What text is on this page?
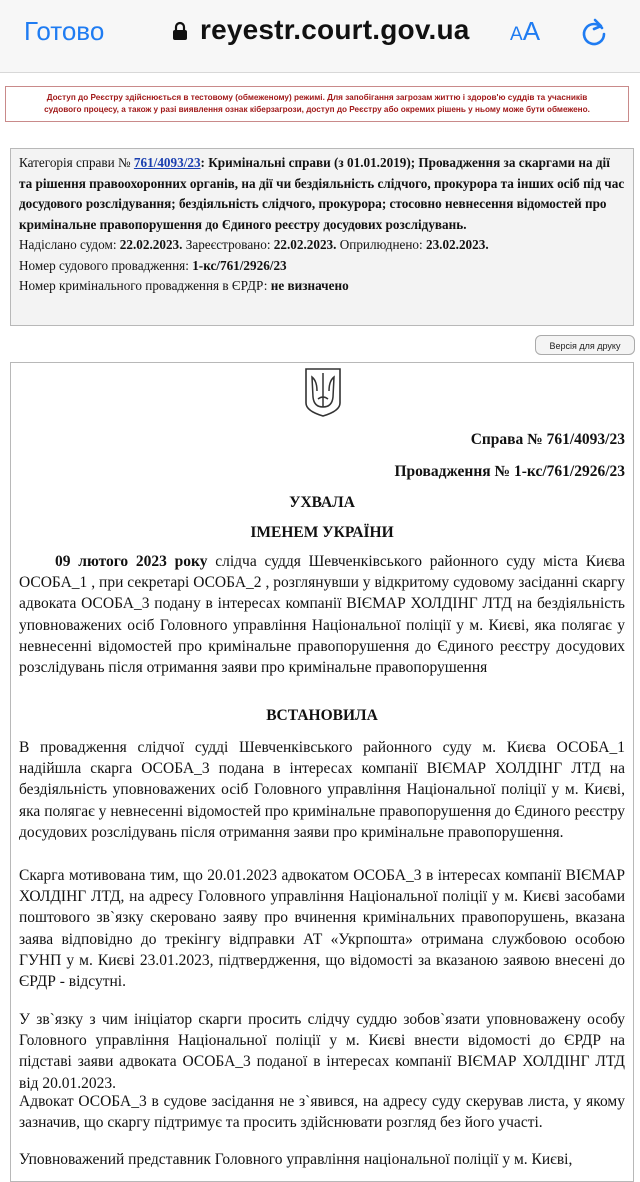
Готово	reyestr.court.gov.ua AA
Доступ до Реєстру здійснюється в тестовому (обмеженому) режимі. Для запобігання загрозам життю і здоров'ю суддів та учасників
судового процесу, а також у разі виявлення ознак кіберзагрози, доступ до Реєстру або окремих рішень у ньому може бути обмежено.

Категорія справи № 761/4093/23: Кримінальні справи (з 01.01.2019); Провадження за скаргами на дії та рішення правоохоронних органів, на дії чи бездіяльність слідчого, прокурора та інших осіб під час досудового розслідування; бездіяльність слідчого, прокурора; стосовно невнесення відомостей про кримінальне правопорушення до Єдиного реєстру досудових розслідувань.

Надіслано судом: 22.02.2023. Зареєстровано: 22.02.2023. Оприлюднено: 23.02.2023.

Номер судового провадження: 1-кс/761/2926/23

Номер кримінального провадження в ЄРДР: не визначено

Версія для друку
Справа № 761/4093/23
Провадження № 1-кс/761/2926/23
УХВАЛА
ІМЕНЕМ УКРАЇНИ

09 лютого 2023 року слідча суддя Шевченківського районного суду міста Києва ОСОБА_1 , при секретарі ОСОБА_2 , розглянувши у відкритому судовому засіданні скаргу адвоката ОСОБА_3 подану в інтересах компанії ВІЄМАР ХОЛДІНГ ЛТД на бездіяльність уповноважених осіб Головного управління Національної поліції у м. Києві, яка полягає у невнесенні відомостей про кримінальне правопорушення до Єдиного реєстру досудових розслідувань після отримання заяви про кримінальне правопорушення

ВСТАНОВИЛА

В провадження слідчої судді Шевченківського районного суду м. Києва ОСОБА_1 надійшла скарга ОСОБА_3 подана в інтересах компанії ВІЄМАР ХОЛДІНГ ЛТД на бездіяльність уповноважених осіб Головного управління Національної поліції у м. Києві, яка полягає у невнесенні відомостей про кримінальне правопорушення до Єдиного реєстру досудових розслідувань після отримання заяви про кримінальне правопорушення.

Скарга мотивована тим, що 20.01.2023 адвокатом ОСОБА_3 в інтересах компанії ВІЄМАР ХОЛДІНГ ЛТД, на адресу Головного управління Національної поліції у м. Києві засобами поштового зв`язку скеровано заяву про вчинення кримінальних правопорушень, вказана заява відповідно до трекінгу відправки АТ «Укрпошта» отримана службовою особою ГУНП у м. Києві 23.01.2023, підтвердження, що відомості за вказаною заявою внесені до ЄРДР - відсутні.

У зв`язку з чим ініціатор скарги просить слідчу суддю зобов`язати уповноважену особу Головного управління Національної поліції у м. Києві внести відомості до ЄРДР на підставі заяви адвоката ОСОБА_3 поданої в інтересах компанії ВІЄМАР ХОЛДІНГ ЛТД від 20.01.2023.

Адвокат ОСОБА_3 в судове засідання не з`явився, на адресу суду скерував листа, у якому зазначив, що скаргу підтримує та просить здійснювати розгляд без його участі.

Уповноважений представник Головного управління національної поліції у м. Києві,
